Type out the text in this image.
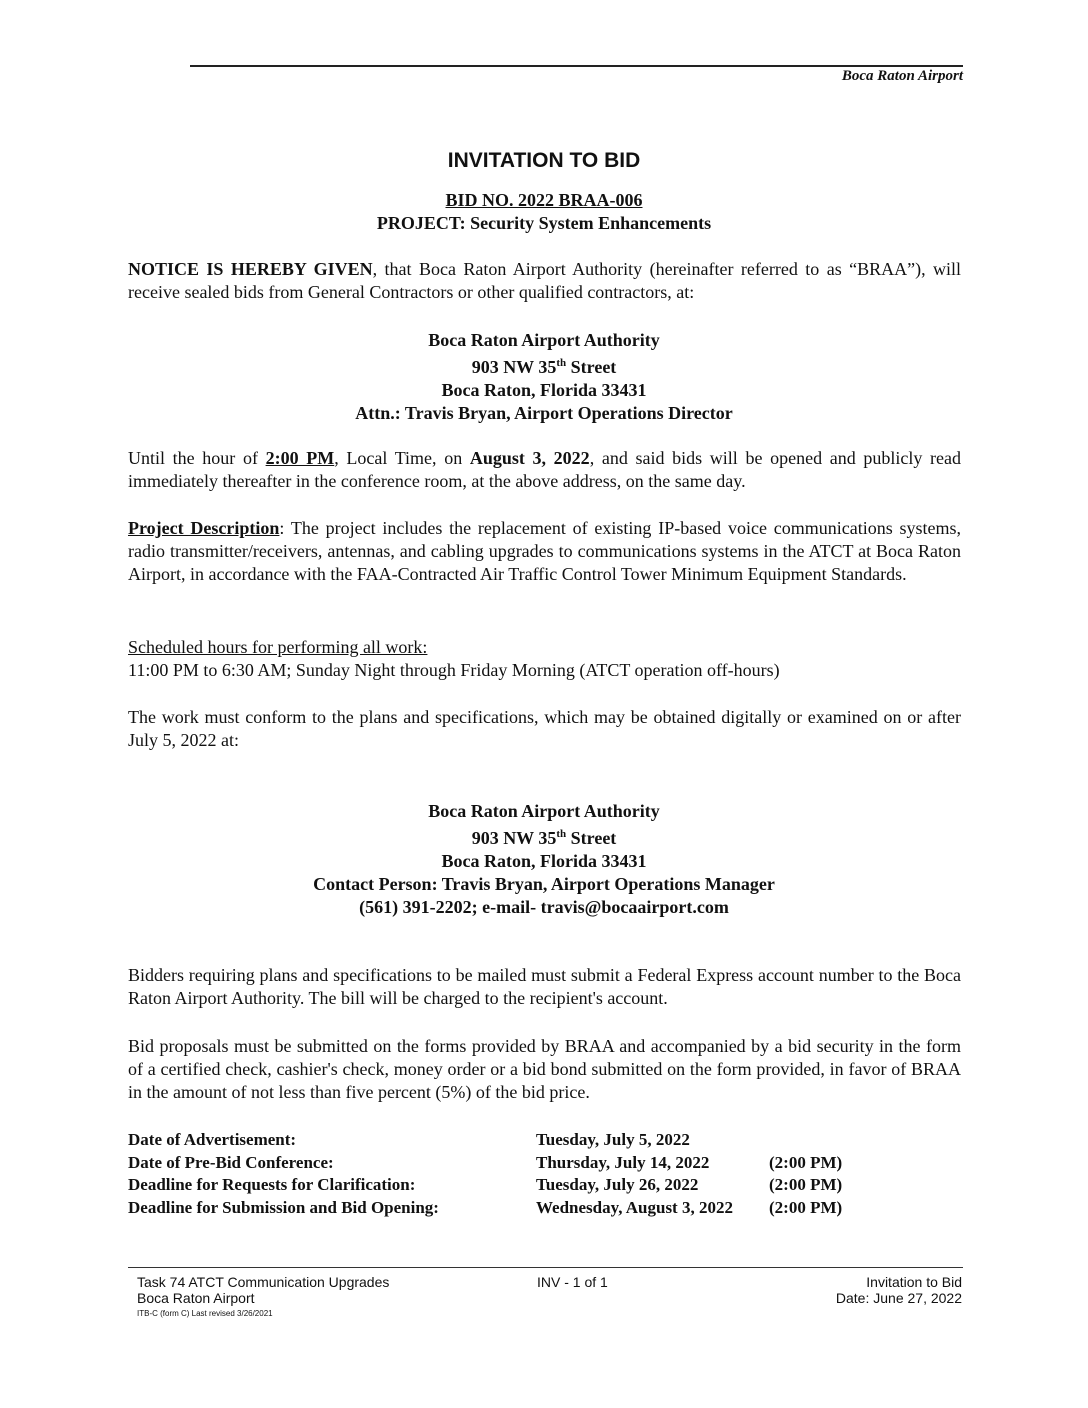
Boca Raton Airport
INVITATION TO BID
BID NO. 2022 BRAA-006
PROJECT: Security System Enhancements

NOTICE IS HEREBY GIVEN, that Boca Raton Airport Authority (hereinafter referred to as “BRAA”), will receive sealed bids from General Contractors or other qualified contractors, at:

Boca Raton Airport Authority
903 NW 35th Street
Boca Raton, Florida 33431
Attn.: Travis Bryan, Airport Operations Director

Until the hour of 2:00 PM, Local Time, on August 3, 2022, and said bids will be opened and publicly read immediately thereafter in the conference room, at the above address, on the same day.

Project Description: The project includes the replacement of existing IP-based voice communications systems, radio transmitter/receivers, antennas, and cabling upgrades to communications systems in the ATCT at Boca Raton Airport, in accordance with the FAA-Contracted Air Traffic Control Tower Minimum Equipment Standards.

Scheduled hours for performing all work:
11:00 PM to 6:30 AM; Sunday Night through Friday Morning (ATCT operation off-hours)

The work must conform to the plans and specifications, which may be obtained digitally or examined on or after July 5, 2022 at:

Boca Raton Airport Authority
903 NW 35th Street
Boca Raton, Florida 33431
Contact Person: Travis Bryan, Airport Operations Manager
(561) 391-2202; e-mail- travis@bocaairport.com

Bidders requiring plans and specifications to be mailed must submit a Federal Express account number to the Boca Raton Airport Authority. The bill will be charged to the recipient's account.

Bid proposals must be submitted on the forms provided by BRAA and accompanied by a bid security in the form of a certified check, cashier's check, money order or a bid bond submitted on the form provided, in favor of BRAA in the amount of not less than five percent (5%) of the bid price.

Date of Advertisement:	Tuesday, July 5, 2022
Date of Pre-Bid Conference:	Thursday, July 14, 2022	(2:00 PM)
Deadline for Requests for Clarification:	Tuesday, July 26, 2022	(2:00 PM)
Deadline for Submission and Bid Opening:	Wednesday, August 3, 2022 (2:00 PM)
Task 74 ATCT Communication Upgrades
Boca Raton Airport
ITB-C (form C) Last revised 3/26/2021
INV - 1 of 1	Invitation to Bid
Date: June 27, 2022
